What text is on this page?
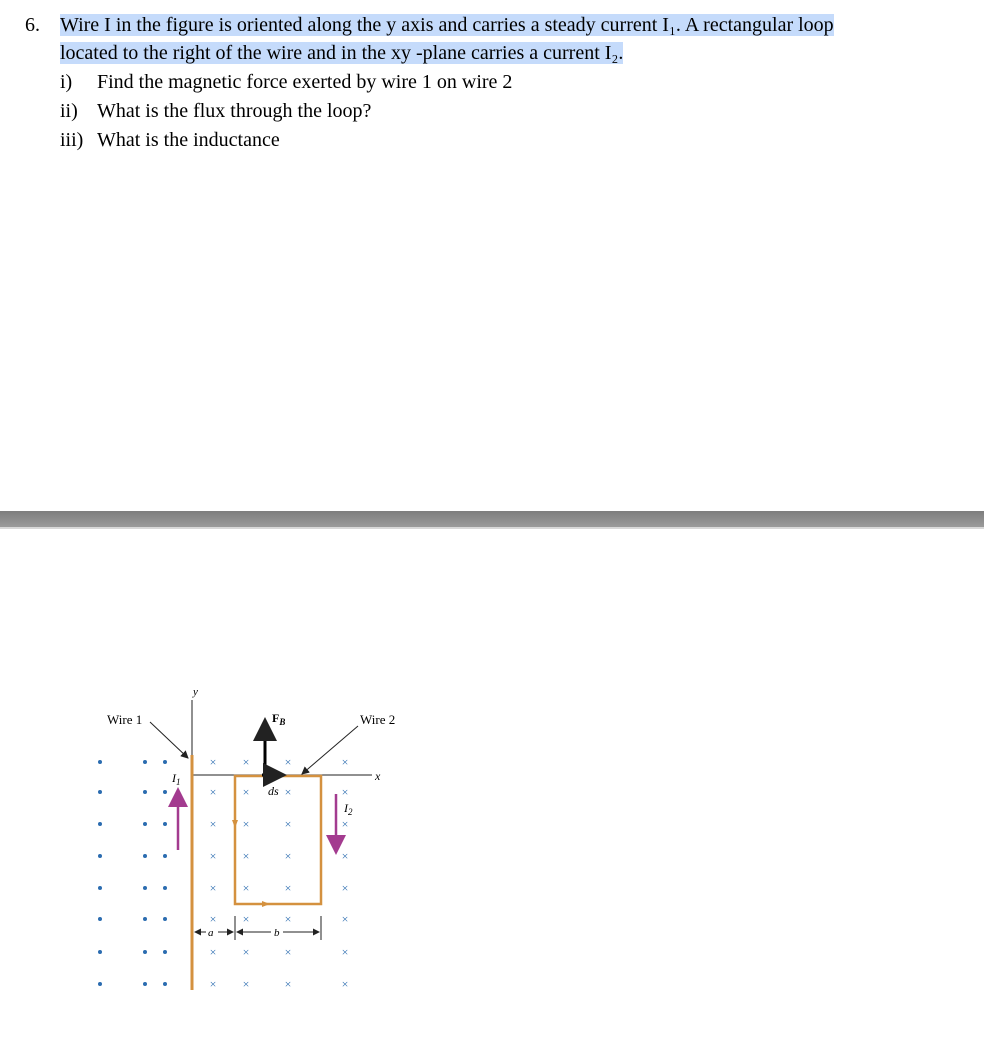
6. Wire I in the figure is oriented along the y axis and carries a steady current I₁. A rectangular loop
located to the right of the wire and in the xy -plane carries a current I₂.
i) Find the magnetic force exerted by wire 1 on wire 2
ii) What is the flux through the loop?
iii) What is the inductance
× ×	×	×
× ×	×	×
× ×	×	×
× ×	×	×
× ×	×	×
× ×	×	×
× ×	×	×
× ×	×	×
y
x
Wire 1	Wire 2
$F_B$
ds
$I_1$
$I_2$
a	b
